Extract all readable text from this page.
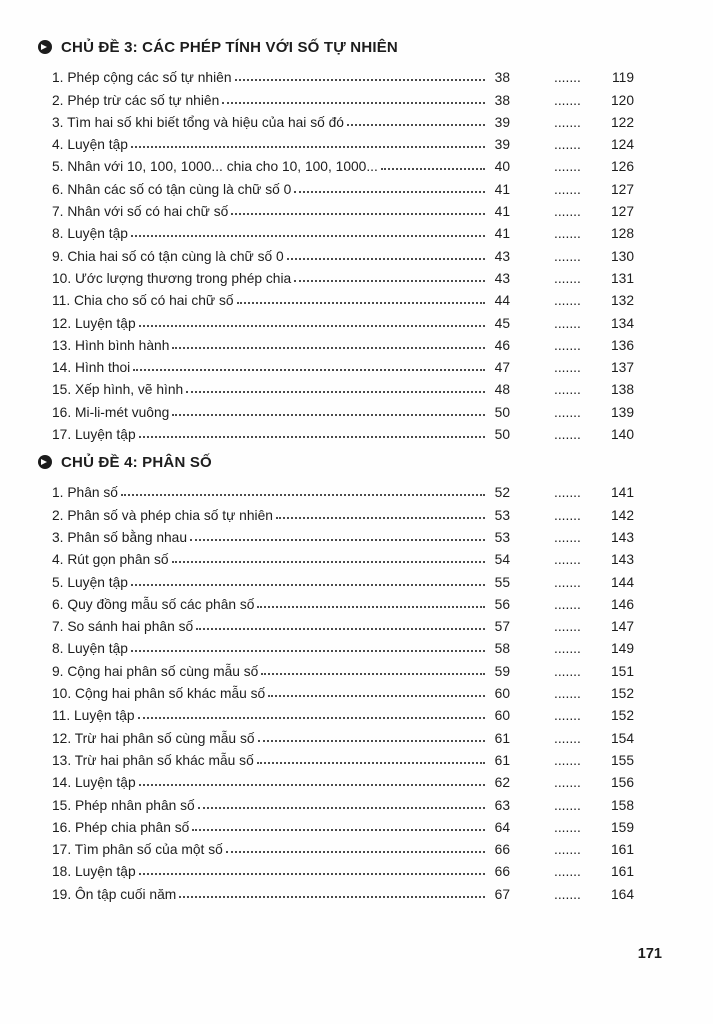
CHỦ ĐỀ 3: CÁC PHÉP TÍNH VỚI SỐ TỰ NHIÊN
1. Phép cộng các số tự nhiên	38	....... 119
2. Phép trừ các số tự nhiên	38	....... 120
3. Tìm hai số khi biết tổng và hiệu của hai số đó	39	....... 122
4. Luyện tập	39	....... 124
5. Nhân với 10, 100, 1000... chia cho 10, 100, 1000...	40	....... 126
6. Nhân các số có tận cùng là chữ số 0	41	....... 127
7. Nhân với số có hai chữ số	41	....... 127
8. Luyện tập	41	....... 128
9. Chia hai số có tận cùng là chữ số 0	43	....... 130
10. Ước lượng thương trong phép chia	43	....... 131
11. Chia cho số có hai chữ số	44	....... 132
12. Luyện tập	45	....... 134
13. Hình bình hành	46	....... 136
14. Hình thoi	47	....... 137
15. Xếp hình, vẽ hình	48	....... 138
16. Mi-li-mét vuông	50	....... 139
17. Luyện tập	50	....... 140
CHỦ ĐỀ 4: PHÂN SỐ
1. Phân số	52	....... 141
2. Phân số và phép chia số tự nhiên	53	....... 142
3. Phân số bằng nhau	53	....... 143
4. Rút gọn phân số	54	....... 143
5. Luyện tập	55	....... 144
6. Quy đồng mẫu số các phân số	56	....... 146
7. So sánh hai phân số	57	....... 147
8. Luyện tập	58	....... 149
9. Cộng hai phân số cùng mẫu số	59	....... 151
10. Cộng hai phân số khác mẫu số	60	....... 152
11. Luyện tập	60	....... 152
12. Trừ hai phân số cùng mẫu số	61	....... 154
13. Trừ hai phân số khác mẫu số	61	....... 155
14. Luyện tập	62	....... 156
15. Phép nhân phân số	63	....... 158
16. Phép chia phân số	64	....... 159
17. Tìm phân số của một số	66	....... 161
18. Luyện tập	66	....... 161
19. Ôn tập cuối năm	67	....... 164
171
